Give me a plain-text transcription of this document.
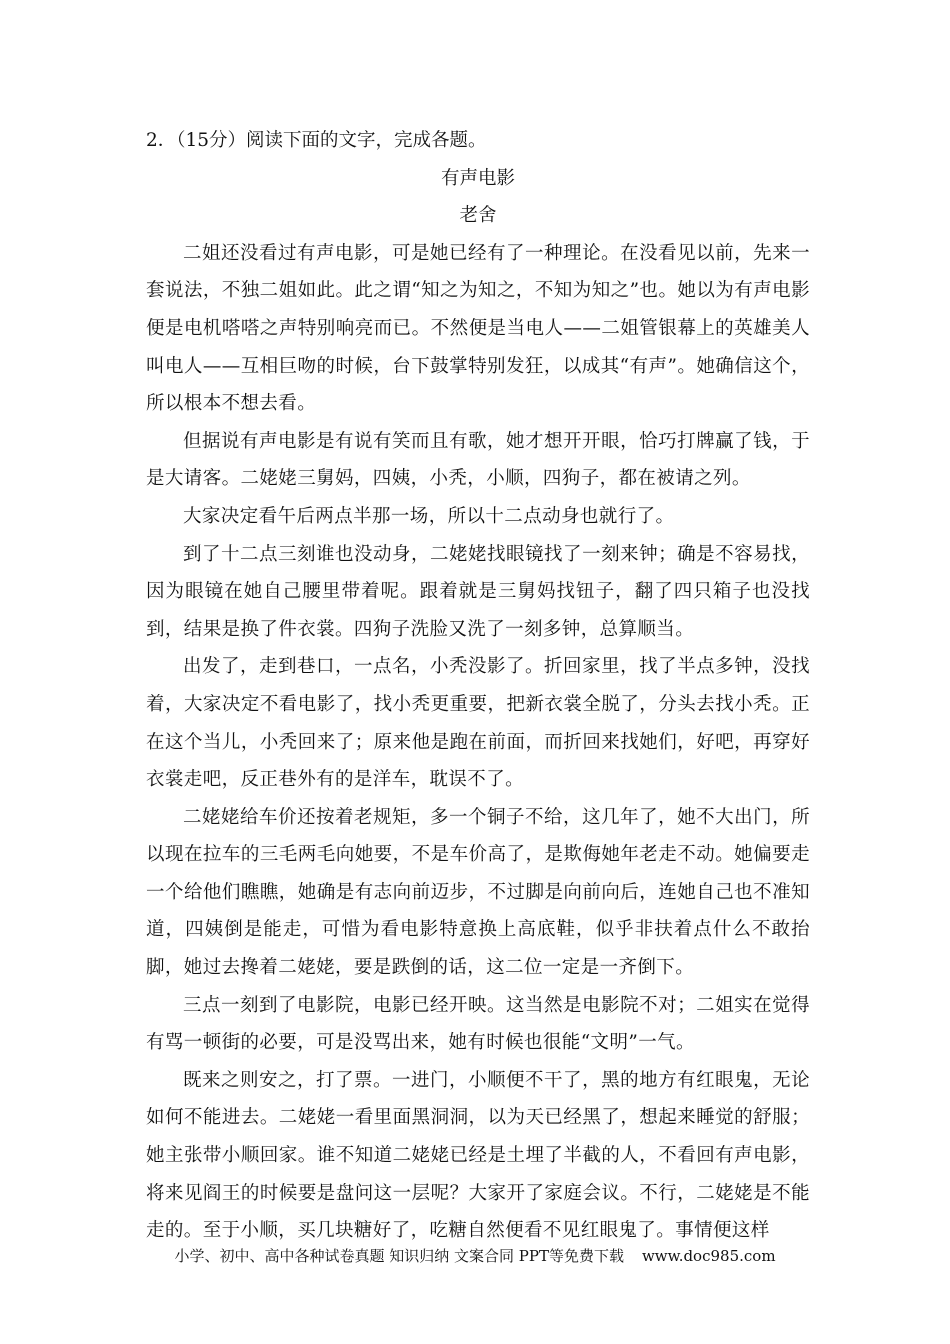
2．（15分）阅读下面的文字，完成各题。

有声电影

老舍

二姐还没看过有声电影，可是她已经有了一种理论。在没看见以前，先来一套说法，不独二姐如此。此之谓“知之为知之，不知为知之”也。她以为有声电影便是电机嗒嗒之声特别响亮而已。不然便是当电人——二姐管银幕上的英雄美人叫电人——互相巨吻的时候，台下鼓掌特别发狂，以成其“有声”。她确信这个，所以根本不想去看。

但据说有声电影是有说有笑而且有歌，她才想开开眼，恰巧打牌赢了钱，于是大请客。二姥姥三舅妈，四姨，小秃，小顺，四狗子，都在被请之列。

大家决定看午后两点半那一场，所以十二点动身也就行了。

到了十二点三刻谁也没动身，二姥姥找眼镜找了一刻来钟；确是不容易找，因为眼镜在她自己腰里带着呢。跟着就是三舅妈找钮子，翻了四只箱子也没找到，结果是换了件衣裳。四狗子洗脸又洗了一刻多钟，总算顺当。

出发了，走到巷口，一点名，小秃没影了。折回家里，找了半点多钟，没找着，大家决定不看电影了，找小秃更重要，把新衣裳全脱了，分头去找小秃。正在这个当儿，小秃回来了；原来他是跑在前面，而折回来找她们，好吧，再穿好衣裳走吧，反正巷外有的是洋车，耽误不了。

二姥姥给车价还按着老规矩，多一个铜子不给，这几年了，她不大出门，所以现在拉车的三毛两毛向她要，不是车价高了，是欺侮她年老走不动。她偏要走一个给他们瞧瞧，她确是有志向前迈步，不过脚是向前向后，连她自己也不准知道，四姨倒是能走，可惜为看电影特意换上高底鞋，似乎非扶着点什么不敢抬脚，她过去搀着二姥姥，要是跌倒的话，这二位一定是一齐倒下。

三点一刻到了电影院，电影已经开映。这当然是电影院不对；二姐实在觉得有骂一顿街的必要，可是没骂出来，她有时候也很能“文明”一气。

既来之则安之，打了票。一进门，小顺便不干了，黑的地方有红眼鬼，无论如何不能进去。二姥姥一看里面黑洞洞，以为天已经黑了，想起来睡觉的舒服；她主张带小顺回家。谁不知道二姥姥已经是土埋了半截的人，不看回有声电影，将来见阎王的时候要是盘问这一层呢？大家开了家庭会议。不行，二姥姥是不能走的。至于小顺，买几块糖好了，吃糖自然便看不见红眼鬼了。事情便这样

小学、初中、高中各种试卷真题 知识归纳 文案合同 PPT等免费下载 www.doc985.com
